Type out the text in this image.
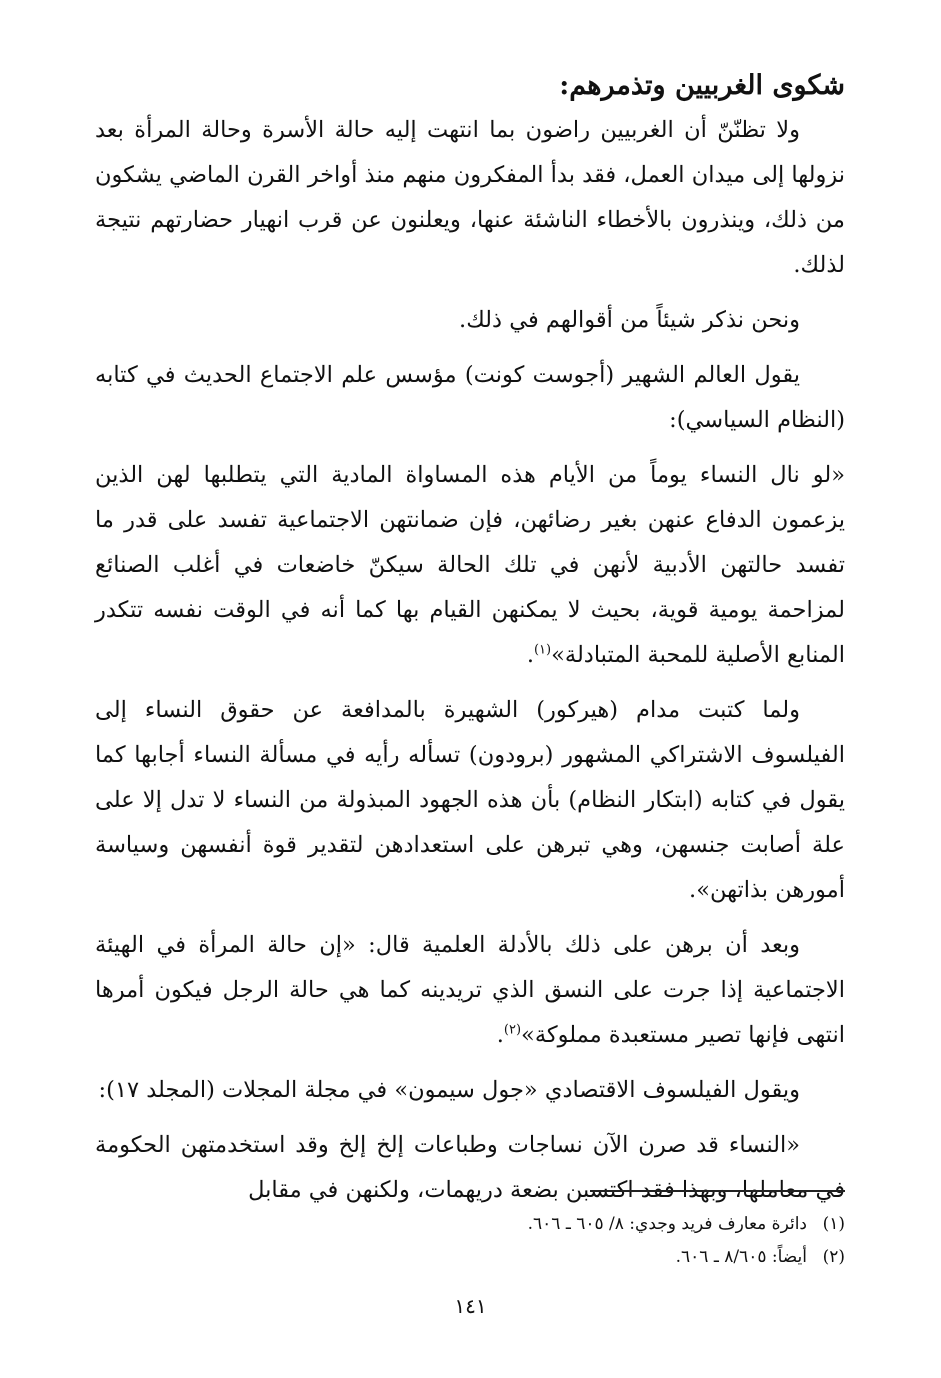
شكوى الغربيين وتذمرهم:

ولا تظنّنّ أن الغربيين راضون بما انتهت إليه حالة الأسرة وحالة المرأة بعد نزولها إلى ميدان العمل، فقد بدأ المفكرون منهم منذ أواخر القرن الماضي يشكون من ذلك، وينذرون بالأخطاء الناشئة عنها، ويعلنون عن قرب انهيار حضارتهم نتيجة لذلك.

ونحن نذكر شيئاً من أقوالهم في ذلك.

يقول العالم الشهير (أجوست كونت) مؤسس علم الاجتماع الحديث في كتابه (النظام السياسي):

«لو نال النساء يوماً من الأيام هذه المساواة المادية التي يتطلبها لهن الذين يزعمون الدفاع عنهن بغير رضائهن، فإن ضمانتهن الاجتماعية تفسد على قدر ما تفسد حالتهن الأدبية لأنهن في تلك الحالة سيكنّ خاضعات في أغلب الصنائع لمزاحمة يومية قوية، بحيث لا يمكنهن القيام بها كما أنه في الوقت نفسه تتكدر المنابع الأصلية للمحبة المتبادلة»$^{(١)}$.

ولما كتبت مدام (هيركور) الشهيرة بالمدافعة عن حقوق النساء إلى الفيلسوف الاشتراكي المشهور (برودون) تسأله رأيه في مسألة النساء أجابها كما يقول في كتابه (ابتكار النظام) بأن هذه الجهود المبذولة من النساء لا تدل إلا على علة أصابت جنسهن، وهي تبرهن على استعدادهن لتقدير قوة أنفسهن وسياسة أمورهن بذاتهن».

وبعد أن برهن على ذلك بالأدلة العلمية قال: «إن حالة المرأة في الهيئة الاجتماعية إذا جرت على النسق الذي تريدينه كما هي حالة الرجل فيكون أمرها انتهى فإنها تصير مستعبدة مملوكة»$^{(٢)}$.

ويقول الفيلسوف الاقتصادي «جول سيمون» في مجلة المجلات (المجلد ١٧):

«النساء قد صرن الآن نساجات وطباعات إلخ إلخ وقد استخدمتهن الحكومة في معاملها، وبهذا فقد اكتسبن بضعة دريهمات، ولكنهن في مقابل

(١)دائرة معارف فريد وجدي: ٨/ ٦٠٥ ـ ٦٠٦.
(٢)أيضاً: ٨/٦٠٥ ـ ٦٠٦.
١٤١
